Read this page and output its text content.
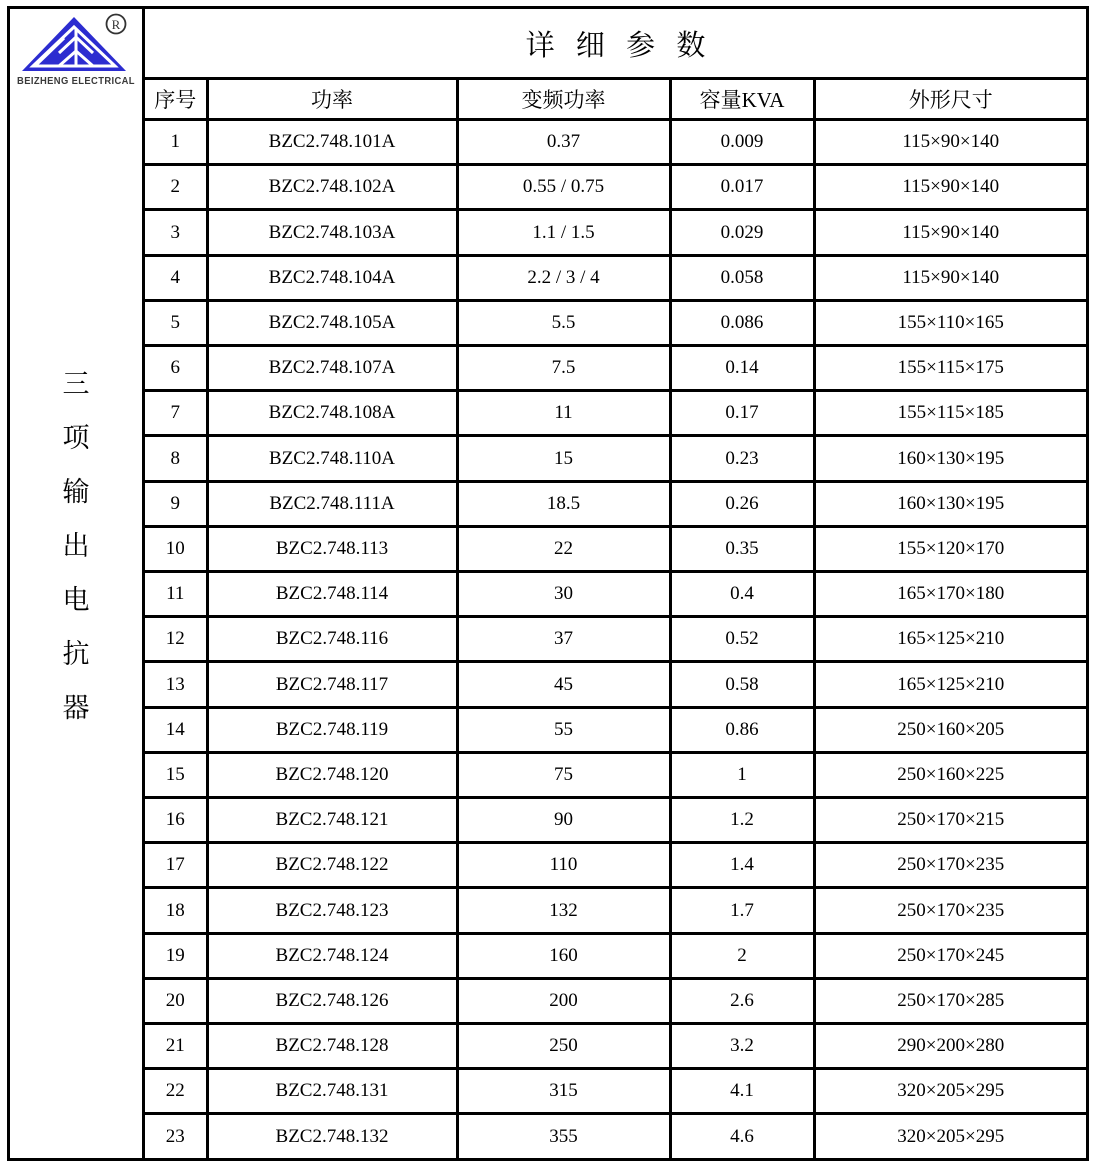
R
BEIZHENG ELECTRICAL
三
项
输
出
电
抗
器
详 细 参 数
序号	功率	变频功率	容量KVA	外形尺寸
1	BZC2.748.101A	0.37	0.009	115×90×140
2	BZC2.748.102A	0.55 / 0.75	0.017	115×90×140
3	BZC2.748.103A	1.1 / 1.5	0.029	115×90×140
4	BZC2.748.104A	2.2 / 3 / 4	0.058	115×90×140
5	BZC2.748.105A	5.5	0.086	155×110×165
6	BZC2.748.107A	7.5	0.14	155×115×175
7	BZC2.748.108A	11	0.17	155×115×185
8	BZC2.748.110A	15	0.23	160×130×195
9	BZC2.748.111A	18.5	0.26	160×130×195
10	BZC2.748.113	22	0.35	155×120×170
11	BZC2.748.114	30	0.4	165×170×180
12	BZC2.748.116	37	0.52	165×125×210
13	BZC2.748.117	45	0.58	165×125×210
14	BZC2.748.119	55	0.86	250×160×205
15	BZC2.748.120	75	1	250×160×225
16	BZC2.748.121	90	1.2	250×170×215
17	BZC2.748.122	110	1.4	250×170×235
18	BZC2.748.123	132	1.7	250×170×235
19	BZC2.748.124	160	2	250×170×245
20	BZC2.748.126	200	2.6	250×170×285
21	BZC2.748.128	250	3.2	290×200×280
22	BZC2.748.131	315	4.1	320×205×295
23	BZC2.748.132	355	4.6	320×205×295
